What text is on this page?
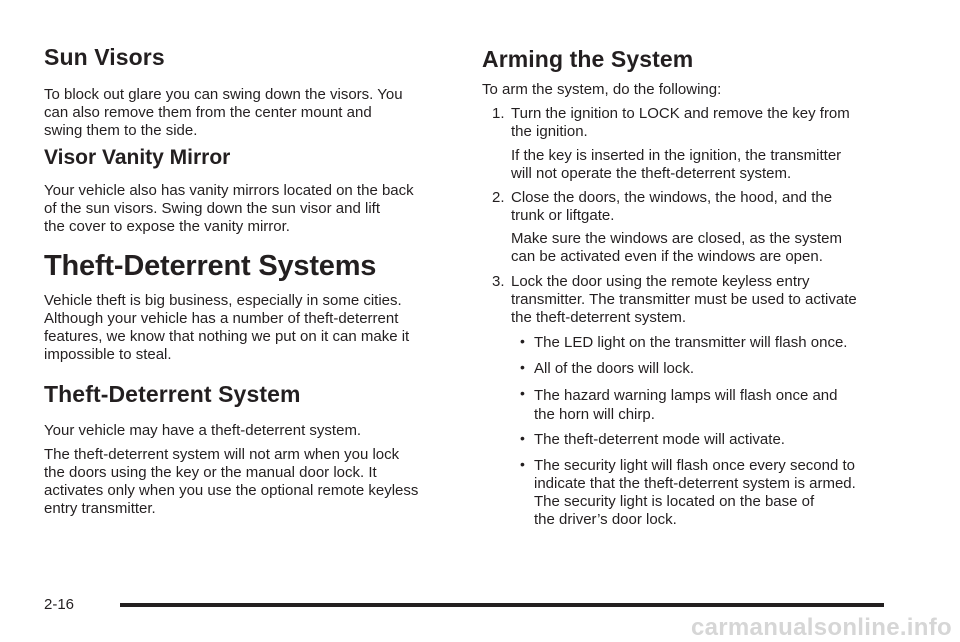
Sun Visors

To block out glare you can swing down the visors. You
can also remove them from the center mount and
swing them to the side.

Visor Vanity Mirror

Your vehicle also has vanity mirrors located on the back
of the sun visors. Swing down the sun visor and lift
the cover to expose the vanity mirror.

Theft-Deterrent Systems

Vehicle theft is big business, especially in some cities.
Although your vehicle has a number of theft-deterrent
features, we know that nothing we put on it can make it
impossible to steal.

Theft-Deterrent System

Your vehicle may have a theft-deterrent system.

The theft-deterrent system will not arm when you lock
the doors using the key or the manual door lock. It
activates only when you use the optional remote keyless
entry transmitter.

Arming the System

To arm the system, do the following:

1. Turn the ignition to LOCK and remove the key from
the ignition.

If the key is inserted in the ignition, the transmitter
will not operate the theft-deterrent system.

2. Close the doors, the windows, the hood, and the
trunk or liftgate.

Make sure the windows are closed, as the system
can be activated even if the windows are open.

3. Lock the door using the remote keyless entry
transmitter. The transmitter must be used to activate
the theft-deterrent system.

• The LED light on the transmitter will flash once.

• All of the doors will lock.

• The hazard warning lamps will flash once and
the horn will chirp.

• The theft-deterrent mode will activate.

• The security light will flash once every second to
indicate that the theft-deterrent system is armed.
The security light is located on the base of
the driver’s door lock.

2-16
carmanualsonline.info
